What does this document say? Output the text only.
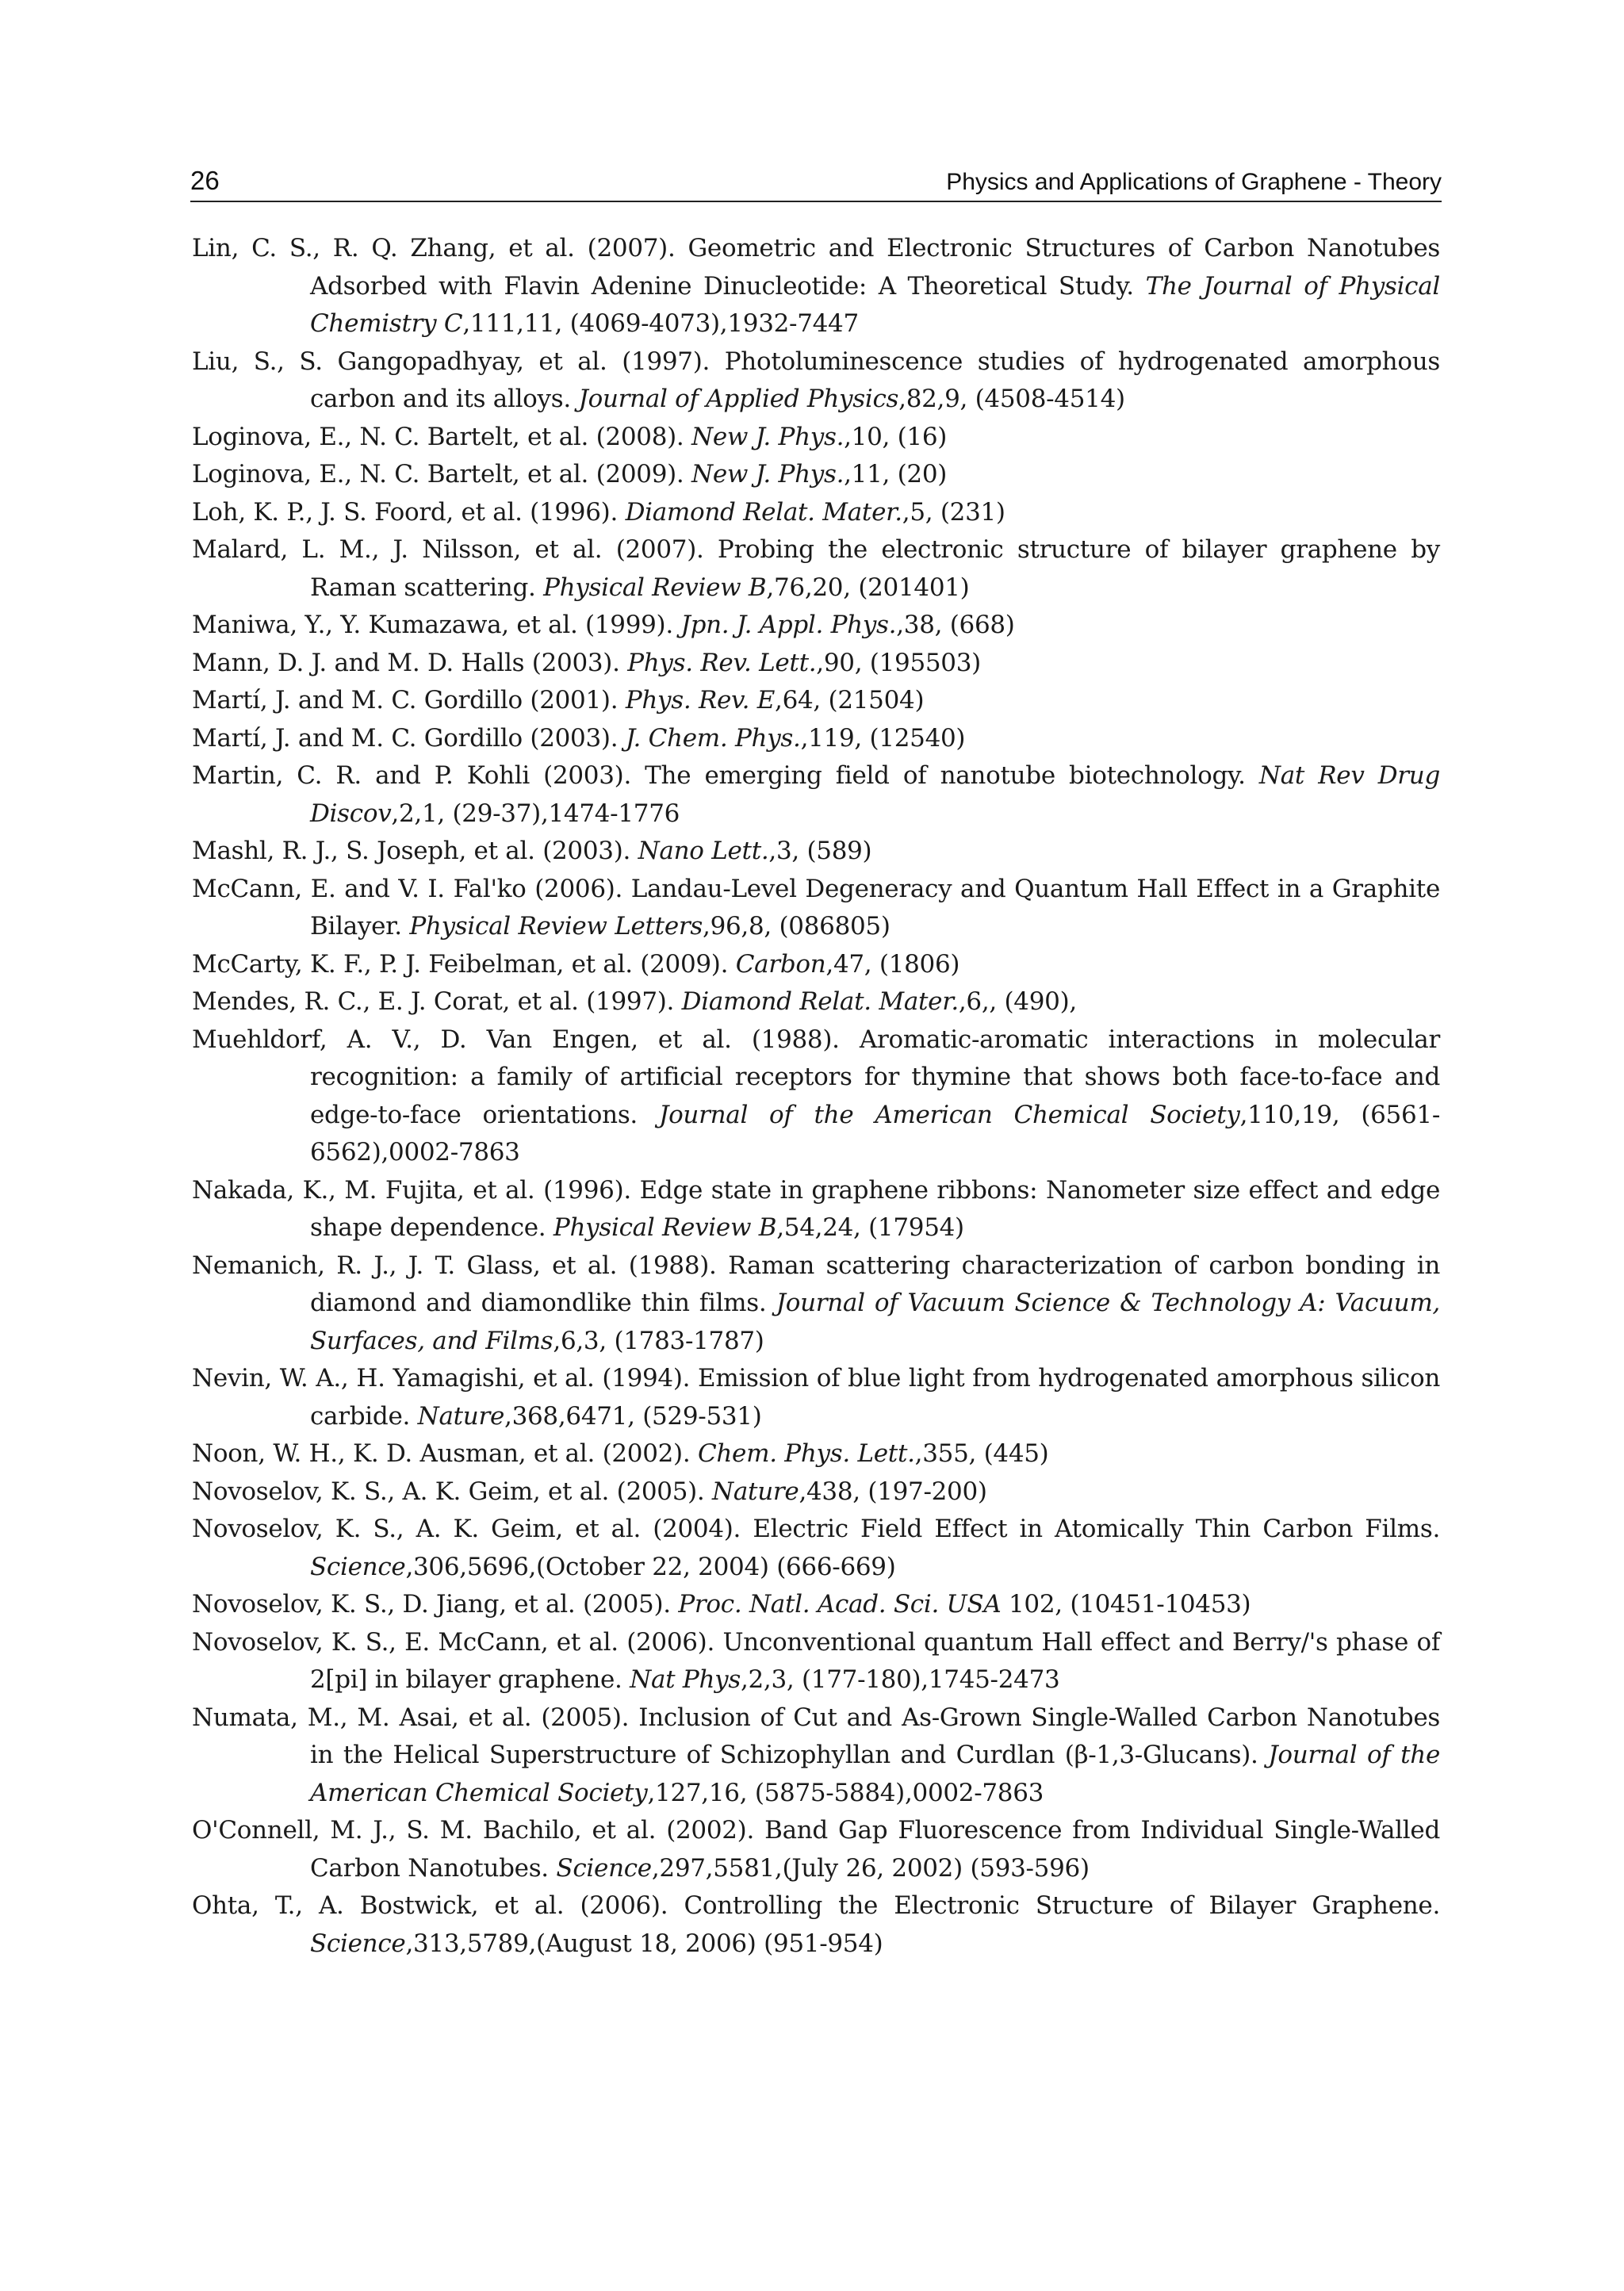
26	Physics and Applications of Graphene - Theory
Lin, C. S., R. Q. Zhang, et al. (2007). Geometric and Electronic Structures of Carbon Nanotubes Adsorbed with Flavin Adenine Dinucleotide: A Theoretical Study. The Journal of Physical Chemistry C,111,11, (4069-4073),1932-7447
Liu, S., S. Gangopadhyay, et al. (1997). Photoluminescence studies of hydrogenated amorphous carbon and its alloys. Journal of Applied Physics,82,9, (4508-4514)
Loginova, E., N. C. Bartelt, et al. (2008). New J. Phys.,10, (16)
Loginova, E., N. C. Bartelt, et al. (2009). New J. Phys.,11, (20)
Loh, K. P., J. S. Foord, et al. (1996). Diamond Relat. Mater.,5, (231)
Malard, L. M., J. Nilsson, et al. (2007). Probing the electronic structure of bilayer graphene by Raman scattering. Physical Review B,76,20, (201401)
Maniwa, Y., Y. Kumazawa, et al. (1999). Jpn. J. Appl. Phys.,38, (668)
Mann, D. J. and M. D. Halls (2003). Phys. Rev. Lett.,90, (195503)
Martí, J. and M. C. Gordillo (2001). Phys. Rev. E,64, (21504)
Martí, J. and M. C. Gordillo (2003). J. Chem. Phys.,119, (12540)
Martin, C. R. and P. Kohli (2003). The emerging field of nanotube biotechnology. Nat Rev Drug Discov,2,1, (29-37),1474-1776
Mashl, R. J., S. Joseph, et al. (2003). Nano Lett.,3, (589)
McCann, E. and V. I. Fal'ko (2006). Landau-Level Degeneracy and Quantum Hall Effect in a Graphite Bilayer. Physical Review Letters,96,8, (086805)
McCarty, K. F., P. J. Feibelman, et al. (2009). Carbon,47, (1806)
Mendes, R. C., E. J. Corat, et al. (1997). Diamond Relat. Mater.,6,, (490),
Muehldorf, A. V., D. Van Engen, et al. (1988). Aromatic-aromatic interactions in molecular recognition: a family of artificial receptors for thymine that shows both face-to-face and edge-to-face orientations. Journal of the American Chemical Society,110,19, (6561-6562),0002-7863
Nakada, K., M. Fujita, et al. (1996). Edge state in graphene ribbons: Nanometer size effect and edge shape dependence. Physical Review B,54,24, (17954)
Nemanich, R. J., J. T. Glass, et al. (1988). Raman scattering characterization of carbon bonding in diamond and diamondlike thin films. Journal of Vacuum Science & Technology A: Vacuum, Surfaces, and Films,6,3, (1783-1787)
Nevin, W. A., H. Yamagishi, et al. (1994). Emission of blue light from hydrogenated amorphous silicon carbide. Nature,368,6471, (529-531)
Noon, W. H., K. D. Ausman, et al. (2002). Chem. Phys. Lett.,355, (445)
Novoselov, K. S., A. K. Geim, et al. (2005). Nature,438, (197-200)
Novoselov, K. S., A. K. Geim, et al. (2004). Electric Field Effect in Atomically Thin Carbon Films. Science,306,5696,(October 22, 2004) (666-669)
Novoselov, K. S., D. Jiang, et al. (2005). Proc. Natl. Acad. Sci. USA 102, (10451-10453)
Novoselov, K. S., E. McCann, et al. (2006). Unconventional quantum Hall effect and Berry/'s phase of 2[pi] in bilayer graphene. Nat Phys,2,3, (177-180),1745-2473
Numata, M., M. Asai, et al. (2005). Inclusion of Cut and As-Grown Single-Walled Carbon Nanotubes in the Helical Superstructure of Schizophyllan and Curdlan (β-1,3-Glucans). Journal of the American Chemical Society,127,16, (5875-5884),0002-7863
O'Connell, M. J., S. M. Bachilo, et al. (2002). Band Gap Fluorescence from Individual Single-Walled Carbon Nanotubes. Science,297,5581,(July 26, 2002) (593-596)
Ohta, T., A. Bostwick, et al. (2006). Controlling the Electronic Structure of Bilayer Graphene. Science,313,5789,(August 18, 2006) (951-954)
